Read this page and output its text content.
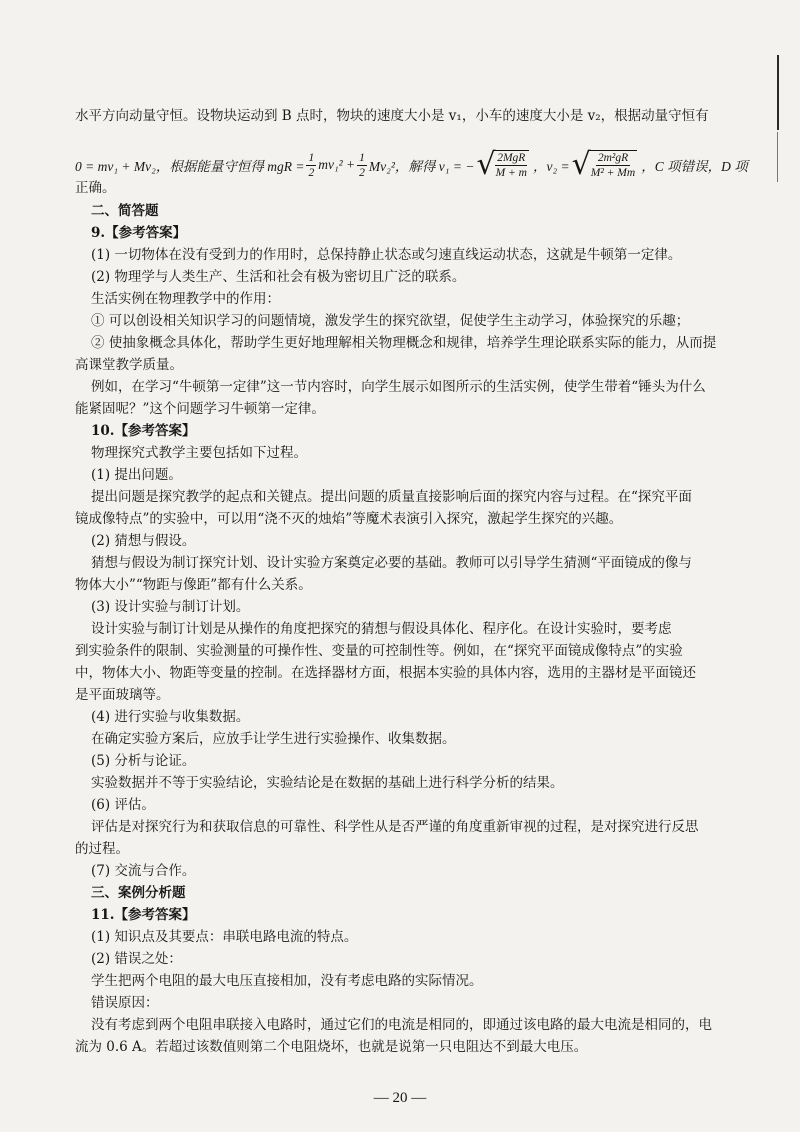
水平方向动量守恒。设物块运动到 B 点时，物块的速度大小是 v₁，小车的速度大小是 v₂，根据动量守恒有
0 = mv₁ + Mv₂，根据能量守恒得 mgR = $\frac{1}{2} mv_1^2 + \frac{1}{2} Mv_2^2$，解得 v₁ = − √
$\frac{\text{2MgR}}{M + m}$ ，v₂ = √
$\frac{\text{2m²gR}}{\text{M² + Mm}}$ ，C 项错误，D 项
正确。
二、简答题
9.【参考答案】
(1) 一切物体在没有受到力的作用时，总保持静止状态或匀速直线运动状态，这就是牛顿第一定律。
(2) 物理学与人类生产、生活和社会有极为密切且广泛的联系。
生活实例在物理教学中的作用：
① 可以创设相关知识学习的问题情境，激发学生的探究欲望，促使学生主动学习，体验探究的乐趣；
② 使抽象概念具体化，帮助学生更好地理解相关物理概念和规律，培养学生理论联系实际的能力，从而提
高课堂教学质量。
例如，在学习“牛顿第一定律”这一节内容时，向学生展示如图所示的生活实例，使学生带着“锤头为什么
能紧固呢？”这个问题学习牛顿第一定律。
10.【参考答案】
物理探究式教学主要包括如下过程。
(1) 提出问题。
提出问题是探究教学的起点和关键点。提出问题的质量直接影响后面的探究内容与过程。在“探究平面
镜成像特点”的实验中，可以用“浇不灭的烛焰”等魔术表演引入探究，激起学生探究的兴趣。
(2) 猜想与假设。
猜想与假设为制订探究计划、设计实验方案奠定必要的基础。教师可以引导学生猜测“平面镜成的像与
物体大小”“物距与像距”都有什么关系。
(3) 设计实验与制订计划。
设计实验与制订计划是从操作的角度把探究的猜想与假设具体化、程序化。在设计实验时，要考虑
到实验条件的限制、实验测量的可操作性、变量的可控制性等。例如，在“探究平面镜成像特点”的实验
中，物体大小、物距等变量的控制。在选择器材方面，根据本实验的具体内容，选用的主器材是平面镜还
是平面玻璃等。
(4) 进行实验与收集数据。
在确定实验方案后，应放手让学生进行实验操作、收集数据。
(5) 分析与论证。
实验数据并不等于实验结论，实验结论是在数据的基础上进行科学分析的结果。
(6) 评估。
评估是对探究行为和获取信息的可靠性、科学性从是否严谨的角度重新审视的过程，是对探究进行反思
的过程。
(7) 交流与合作。
三、案例分析题
11.【参考答案】
(1) 知识点及其要点：串联电路电流的特点。
(2) 错误之处：
学生把两个电阻的最大电压直接相加，没有考虑电路的实际情况。
错误原因：
没有考虑到两个电阻串联接入电路时，通过它们的电流是相同的，即通过该电路的最大电流是相同的，电
流为 0.6 A。若超过该数值则第二个电阻烧坏，也就是说第一只电阻达不到最大电压。
— 20 —
